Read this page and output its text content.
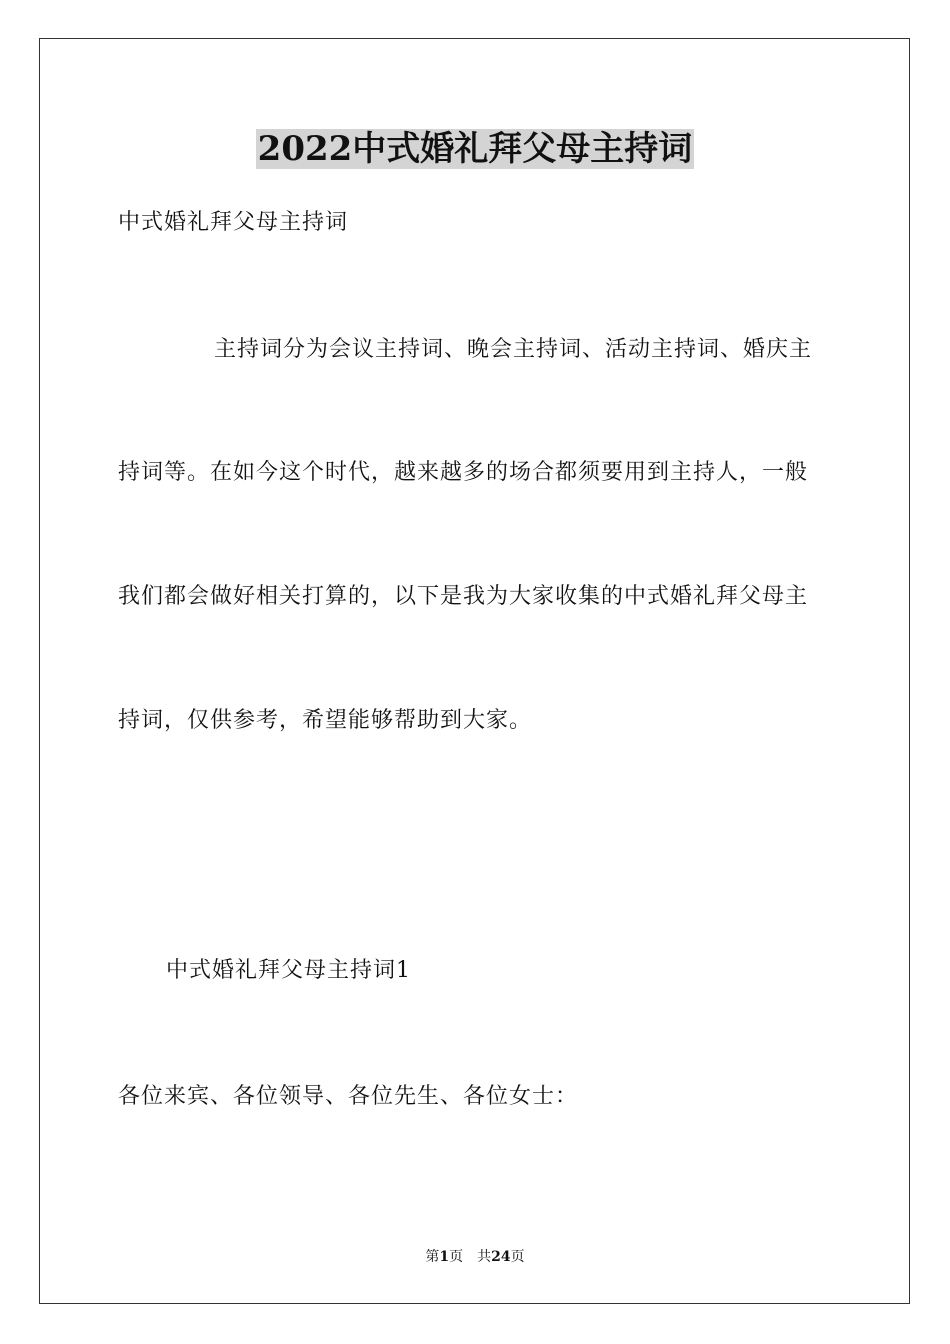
2022中式婚礼拜父母主持词
中式婚礼拜父母主持词
主持词分为会议主持词、晚会主持词、活动主持词、婚庆主
持词等。在如今这个时代，越来越多的场合都须要用到主持人，一般
我们都会做好相关打算的，以下是我为大家收集的中式婚礼拜父母主
持词，仅供参考，希望能够帮助到大家。
中式婚礼拜父母主持词1
各位来宾、各位领导、各位先生、各位女士：
第1页 共24页
